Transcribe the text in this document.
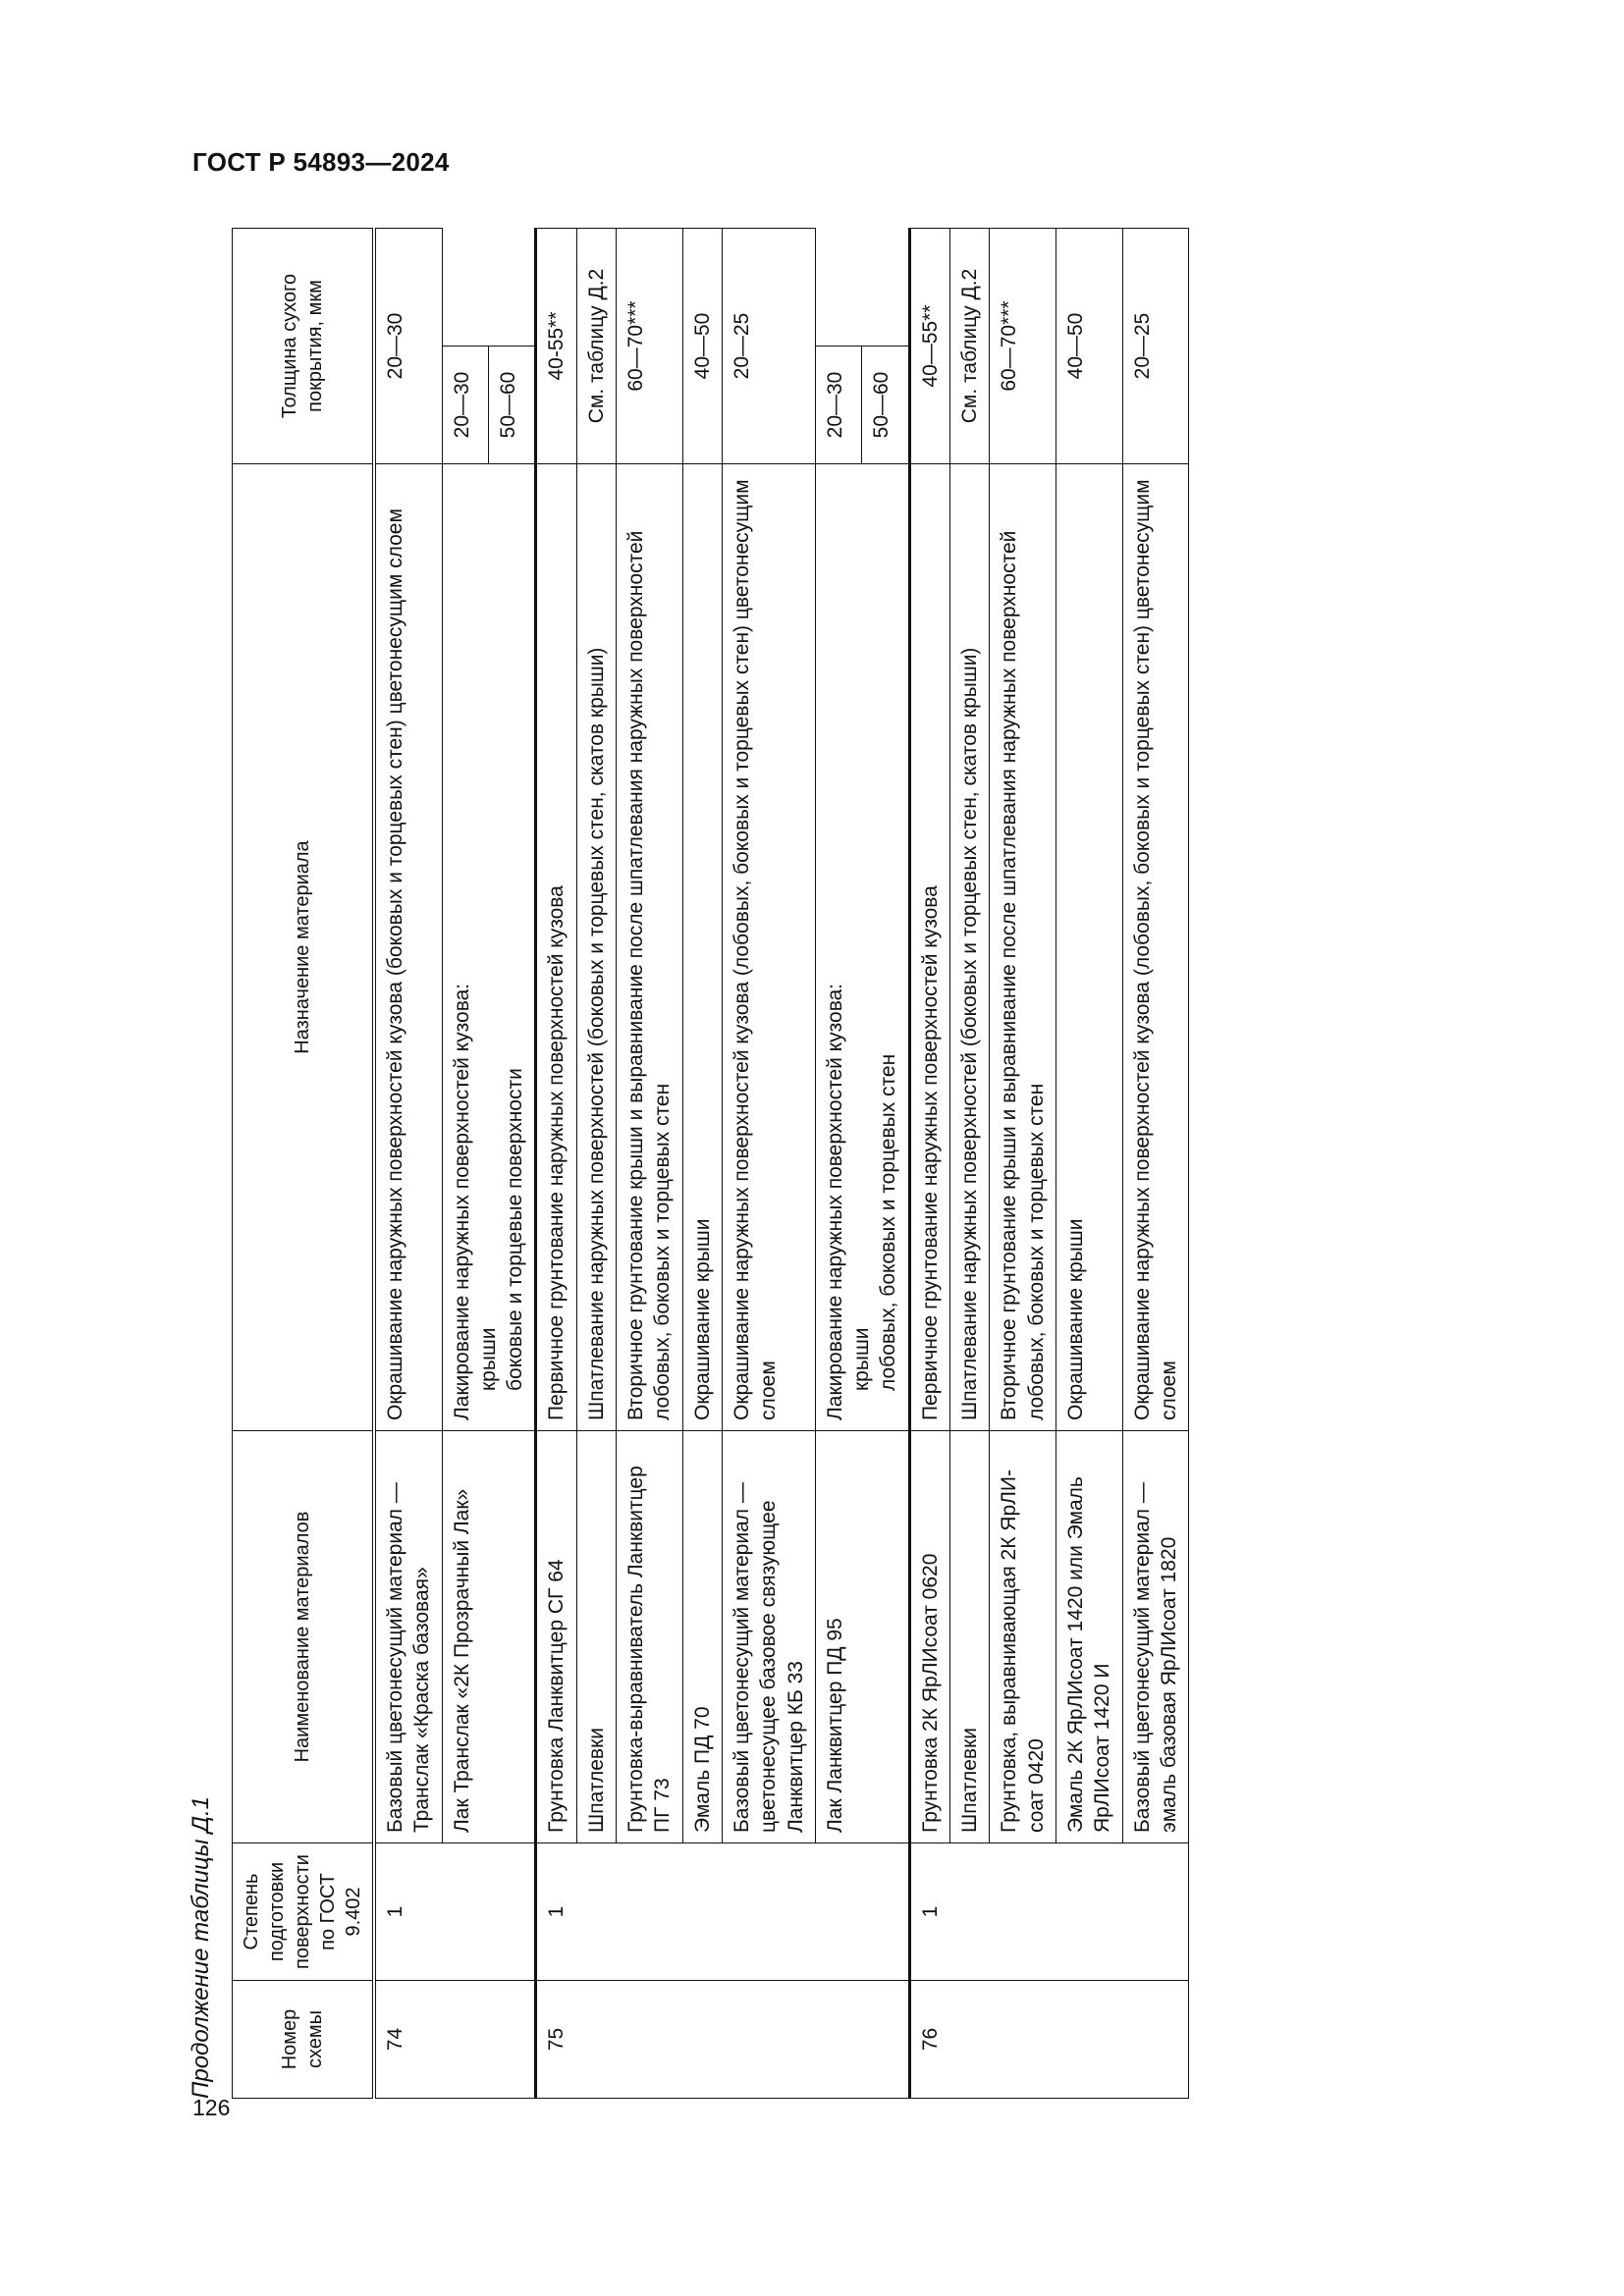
ГОСТ Р 54893—2024
Продолжение таблицы Д.1	Номер схемы	Степень подготовки поверхности по ГОСТ 9.402	Наименование материалов	Назначение материала	Толщина сухого покрытия, мкм
74	1	Базовый цветонесущий материал — Транслак «Краска базовая»	Окрашивание наружных поверхностей кузова (боковых и торцевых стен) цветонесущим слоем	20—30
		Лак Транслак «2К Прозрачный Лак»	Лакирование наружных поверхностей кузова: крыши боковые и торцевые поверхности	20—30
				50—60
75	1	Грунтовка Ланквитцер СГ 64	Первичное грунтование наружных поверхностей кузова	40-55**
		Шпатлевки	Шпатлевание наружных поверхностей (боковых и торцевых стен, скатов крыши)	См. таблицу Д.2
		Грунтовка-выравниватель Ланквитцер ПГ 73	Вторичное грунтование крыши и выравнивание после шпатлевания наружных поверхностей лобовых, боковых и торцевых стен	60—70***
		Эмаль ПД 70	Окрашивание крыши	40—50
		Базовый цветонесущий материал — цветонесущее базовое связующее Ланквитцер КБ 33	Окрашивание наружных поверхностей кузова (лобовых, боковых и торцевых стен) цветонесущим слоем	20—25
		Лак Ланквитцер ПД 95	Лакирование наружных поверхностей кузова: крыши лобовых, боковых и торцевых стен	20—30
				50—60
76	1	Грунтовка 2К ЯрЛИсоат 0620	Первичное грунтование наружных поверхностей кузова	40—55**
		Шпатлевки	Шпатлевание наружных поверхностей (боковых и торцевых стен, скатов крыши)	См. таблицу Д.2
		Грунтовка, выравнивающая 2К ЯрЛИ-соат 0420	Вторичное грунтование крыши и выравнивание после шпатлевания наружных поверхностей лобовых, боковых и торцевых стен	60—70***
		Эмаль 2К ЯрЛИсоат 1420 или Эмаль ЯрЛИсоат 1420 И	Окрашивание крыши	40—50
		Базовый цветонесущий материал — эмаль базовая ЯрЛИсоат 1820	Окрашивание наружных поверхностей кузова (лобовых, боковых и торцевых стен) цветонесущим слоем	20—25
126
